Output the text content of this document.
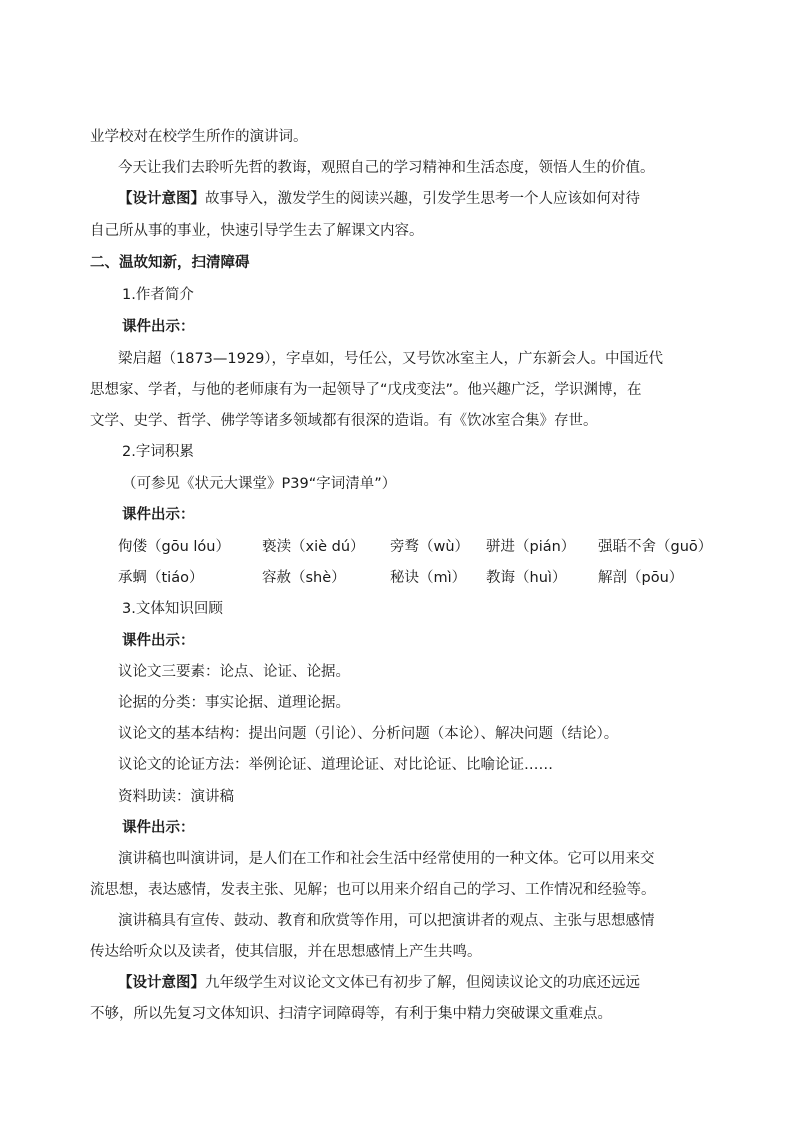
业学校对在校学生所作的演讲词。
今天让我们去聆听先哲的教诲，观照自己的学习精神和生活态度，领悟人生的价值。
【设计意图】故事导入，激发学生的阅读兴趣，引发学生思考一个人应该如何对待
自己所从事的事业，快速引导学生去了解课文内容。
二、温故知新，扫清障碍
1.作者简介
课件出示：
梁启超（1873—1929），字卓如，号任公，又号饮冰室主人，广东新会人。中国近代
思想家、学者，与他的老师康有为一起领导了“戊戌变法”。他兴趣广泛，学识渊博，在
文学、史学、哲学、佛学等诸多领域都有很深的造诣。有《饮冰室合集》存世。
2.字词积累
（可参见《状元大课堂》P39“字词清单”）
课件出示：
佝偻（gōu lóu） 亵渎（xiè dú） 旁骛（wù） 骈进（pián） 强聒不舍（guō）
承蜩（tiáo）	容赦（shè）	秘诀（mì） 教诲（huì） 解剖（pōu）
3.文体知识回顾
课件出示：
议论文三要素：论点、论证、论据。
论据的分类：事实论据、道理论据。
议论文的基本结构：提出问题（引论）、分析问题（本论）、解决问题（结论）。
议论文的论证方法：举例论证、道理论证、对比论证、比喻论证……
资料助读：演讲稿
课件出示：
演讲稿也叫演讲词，是人们在工作和社会生活中经常使用的一种文体。它可以用来交
流思想，表达感情，发表主张、见解；也可以用来介绍自己的学习、工作情况和经验等。
演讲稿具有宣传、鼓动、教育和欣赏等作用，可以把演讲者的观点、主张与思想感情
传达给听众以及读者，使其信服，并在思想感情上产生共鸣。
【设计意图】九年级学生对议论文文体已有初步了解，但阅读议论文的功底还远远
不够，所以先复习文体知识、扫清字词障碍等，有利于集中精力突破课文重难点。
